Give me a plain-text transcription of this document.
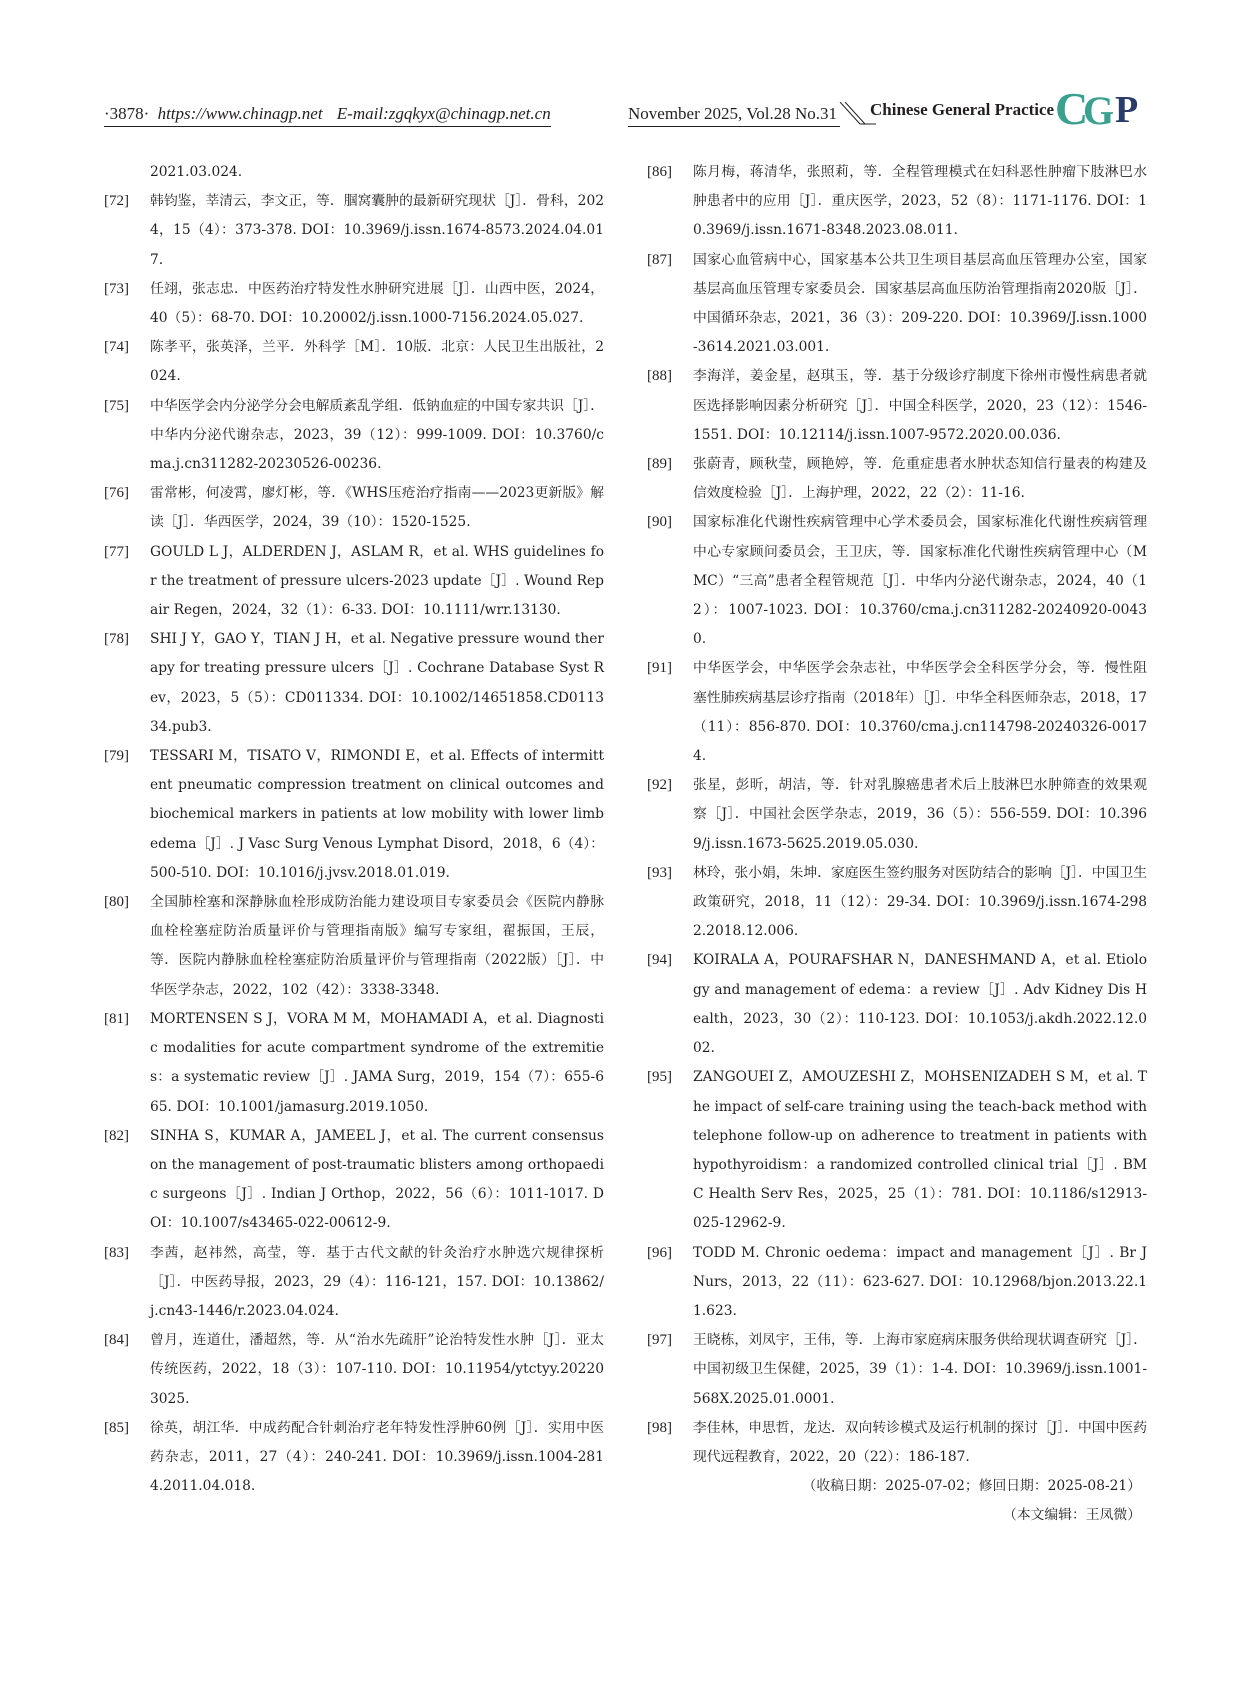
·3878· https://www.chinagp.net E-mail:zgqkyx@chinagp.net.cn	November 2025, Vol.28 No.31 Chinese General Practice C
G P
2021.03.024.
[72]	韩钧鉴，莘清云，李文正，等．腘窝囊肿的最新研究现状［J］．骨科，2024，15（4）：373-378. DOI：10.3969/j.issn.1674-8573.2024.04.017.
[73]	任翊，张志忠．中医药治疗特发性水肿研究进展［J］．山西中医，2024，40（5）：68-70. DOI：10.20002/j.issn.1000-7156.2024.05.027.
[74]	陈孝平，张英泽，兰平．外科学［M］．10版．北京：人民卫生出版社，2024.
[75]	中华医学会内分泌学分会电解质紊乱学组．低钠血症的中国专家共识［J］．中华内分泌代谢杂志，2023，39（12）：999-1009. DOI：10.3760/cma.j.cn311282-20230526-00236.
[76]	雷常彬，何凌霄，廖灯彬，等．《WHS压疮治疗指南——2023更新版》解读［J］．华西医学，2024，39（10）：1520-1525.
[77]	GOULD L J，ALDERDEN J，ASLAM R，et al. WHS guidelines for the treatment of pressure ulcers-2023 update［J］. Wound Repair Regen，2024，32（1）：6-33. DOI：10.1111/wrr.13130.
[78]	SHI J Y，GAO Y，TIAN J H，et al. Negative pressure wound therapy for treating pressure ulcers［J］. Cochrane Database Syst Rev，2023，5（5）：CD011334. DOI：10.1002/14651858.CD011334.pub3.
[79]	TESSARI M，TISATO V，RIMONDI E，et al. Effects of intermittent pneumatic compression treatment on clinical outcomes and biochemical markers in patients at low mobility with lower limb edema［J］. J Vasc Surg Venous Lymphat Disord，2018，6（4）：500-510. DOI：10.1016/j.jvsv.2018.01.019.
[80]	全国肺栓塞和深静脉血栓形成防治能力建设项目专家委员会《医院内静脉血栓栓塞症防治质量评价与管理指南版》编写专家组，翟振国，王辰，等．医院内静脉血栓栓塞症防治质量评价与管理指南（2022版）［J］．中华医学杂志，2022，102（42）：3338-3348.
[81]	MORTENSEN S J，VORA M M，MOHAMADI A，et al. Diagnostic modalities for acute compartment syndrome of the extremities：a systematic review［J］. JAMA Surg，2019，154（7）：655-665. DOI：10.1001/jamasurg.2019.1050.
[82]	SINHA S，KUMAR A，JAMEEL J，et al. The current consensus on the management of post-traumatic blisters among orthopaedic surgeons［J］. Indian J Orthop，2022，56（6）：1011-1017. DOI：10.1007/s43465-022-00612-9.
[83]	李茜，赵祎然，高莹，等．基于古代文献的针灸治疗水肿选穴规律探析［J］．中医药导报，2023，29（4）：116-121，157. DOI：10.13862/j.cn43-1446/r.2023.04.024.
[84]	曾月，连道仕，潘超然，等．从“治水先疏肝”论治特发性水肿［J］．亚太传统医药，2022，18（3）：107-110. DOI：10.11954/ytctyy.202203025.
[85]	徐英，胡江华．中成药配合针刺治疗老年特发性浮肿60例［J］．实用中医药杂志，2011，27（4）：240-241. DOI：10.3969/j.issn.1004-2814.2011.04.018.
[86]	陈月梅，蒋清华，张照莉，等．全程管理模式在妇科恶性肿瘤下肢淋巴水肿患者中的应用［J］．重庆医学，2023，52（8）：1171-1176. DOI：10.3969/j.issn.1671-8348.2023.08.011.
[87]	国家心血管病中心，国家基本公共卫生项目基层高血压管理办公室，国家基层高血压管理专家委员会．国家基层高血压防治管理指南2020版［J］．中国循环杂志，2021，36（3）：209-220. DOI：10.3969/J.issn.1000-3614.2021.03.001.
[88]	李海洋，姜金星，赵琪玉，等．基于分级诊疗制度下徐州市慢性病患者就医选择影响因素分析研究［J］．中国全科医学，2020，23（12）：1546-1551. DOI：10.12114/j.issn.1007-9572.2020.00.036.
[89]	张蔚青，顾秋莹，顾艳婷，等．危重症患者水肿状态知信行量表的构建及信效度检验［J］．上海护理，2022，22（2）：11-16.
[90]	国家标准化代谢性疾病管理中心学术委员会，国家标准化代谢性疾病管理中心专家顾问委员会，王卫庆，等．国家标准化代谢性疾病管理中心（MMC）“三高”患者全程管规范［J］．中华内分泌代谢杂志，2024，40（12）：1007-1023. DOI：10.3760/cma.j.cn311282-20240920-00430.
[91]	中华医学会，中华医学会杂志社，中华医学会全科医学分会，等．慢性阻塞性肺疾病基层诊疗指南（2018年）［J］．中华全科医师杂志，2018，17（11）：856-870. DOI：10.3760/cma.j.cn114798-20240326-00174.
[92]	张星，彭昕，胡洁，等．针对乳腺癌患者术后上肢淋巴水肿筛查的效果观察［J］．中国社会医学杂志，2019，36（5）：556-559. DOI：10.3969/j.issn.1673-5625.2019.05.030.
[93]	林玲，张小娟，朱坤．家庭医生签约服务对医防结合的影响［J］．中国卫生政策研究，2018，11（12）：29-34. DOI：10.3969/j.issn.1674-2982.2018.12.006.
[94]	KOIRALA A，POURAFSHAR N，DANESHMAND A，et al. Etiology and management of edema：a review［J］. Adv Kidney Dis Health，2023，30（2）：110-123. DOI：10.1053/j.akdh.2022.12.002.
[95]	ZANGOUEI Z，AMOUZESHI Z，MOHSENIZADEH S M，et al. The impact of self-care training using the teach-back method with telephone follow-up on adherence to treatment in patients with hypothyroidism：a randomized controlled clinical trial［J］. BMC Health Serv Res，2025，25（1）：781. DOI：10.1186/s12913-025-12962-9.
[96]	TODD M. Chronic oedema：impact and management［J］. Br J Nurs，2013，22（11）：623-627. DOI：10.12968/bjon.2013.22.11.623.
[97]	王晓栋，刘凤宇，王伟，等．上海市家庭病床服务供给现状调查研究［J］．中国初级卫生保健，2025，39（1）：1-4. DOI：10.3969/j.issn.1001-568X.2025.01.0001.
[98]	李佳林，申思哲，龙达．双向转诊模式及运行机制的探讨［J］．中国中医药现代远程教育，2022，20（22）：186-187.
（收稿日期：2025-07-02；修回日期：2025-08-21）
（本文编辑：王凤微）
